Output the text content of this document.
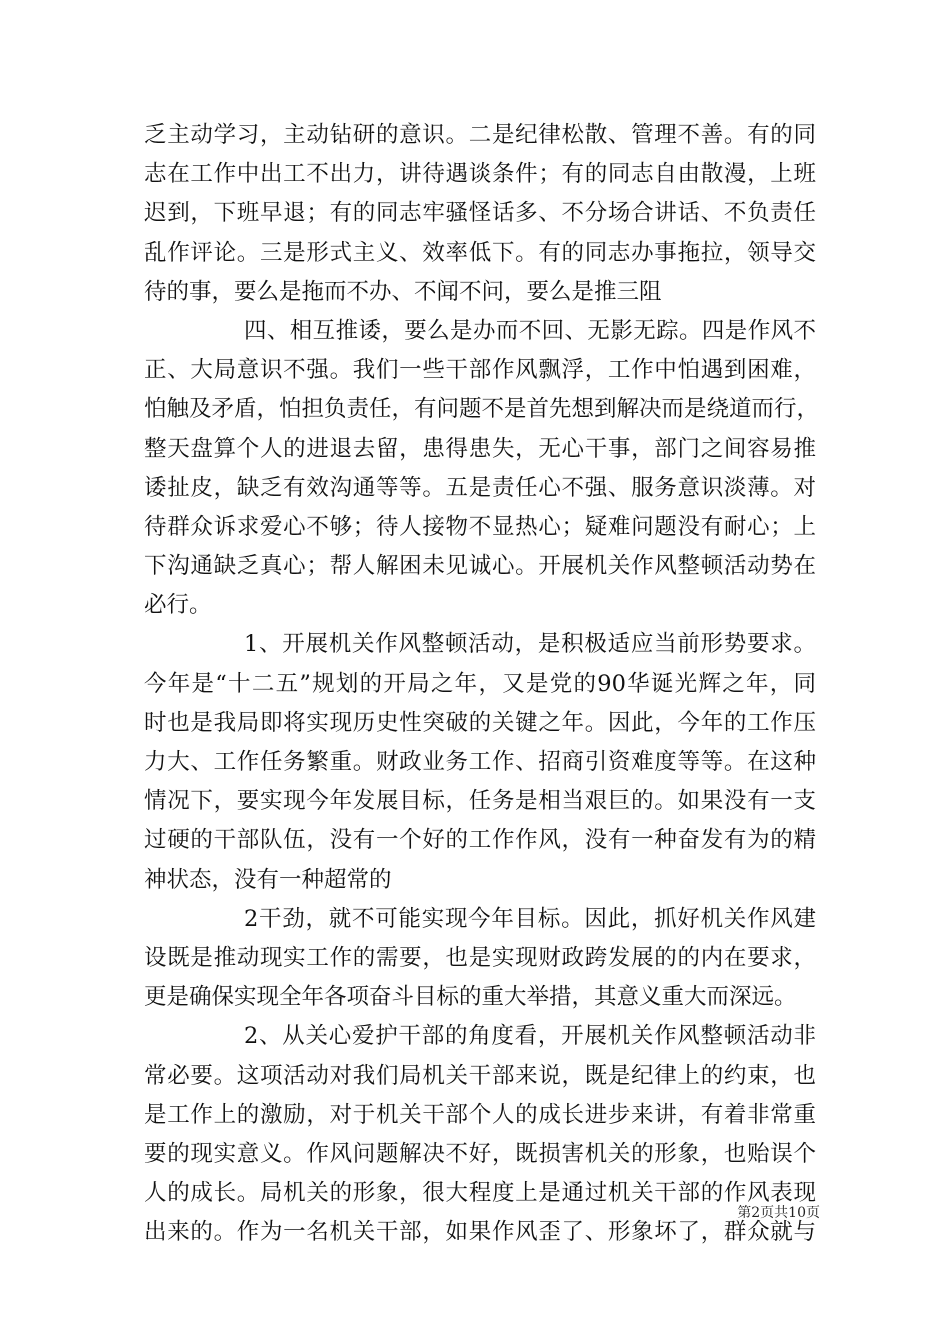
乏主动学习，主动钻研的意识。二是纪律松散、管理不善。有的同
志在工作中出工不出力，讲待遇谈条件；有的同志自由散漫，上班
迟到，下班早退；有的同志牢骚怪话多、不分场合讲话、不负责任
乱作评论。三是形式主义、效率低下。有的同志办事拖拉，领导交
待的事，要么是拖而不办、不闻不问，要么是推三阻
四、相互推诿，要么是办而不回、无影无踪。四是作风不
正、大局意识不强。我们一些干部作风飘浮，工作中怕遇到困难，
怕触及矛盾，怕担负责任，有问题不是首先想到解决而是绕道而行，
整天盘算个人的进退去留，患得患失，无心干事，部门之间容易推
诿扯皮，缺乏有效沟通等等。五是责任心不强、服务意识淡薄。对
待群众诉求爱心不够；待人接物不显热心；疑难问题没有耐心；上
下沟通缺乏真心；帮人解困未见诚心。开展机关作风整顿活动势在
必行。
1、开展机关作风整顿活动，是积极适应当前形势要求。
今年是“十二五”规划的开局之年，又是党的90华诞光辉之年，同
时也是我局即将实现历史性突破的关键之年。因此，今年的工作压
力大、工作任务繁重。财政业务工作、招商引资难度等等。在这种
情况下，要实现今年发展目标，任务是相当艰巨的。如果没有一支
过硬的干部队伍，没有一个好的工作作风，没有一种奋发有为的精
神状态，没有一种超常的
2干劲，就不可能实现今年目标。因此，抓好机关作风建
设既是推动现实工作的需要，也是实现财政跨发展的的内在要求，
更是确保实现全年各项奋斗目标的重大举措，其意义重大而深远。
2、从关心爱护干部的角度看，开展机关作风整顿活动非
常必要。这项活动对我们局机关干部来说，既是纪律上的约束，也
是工作上的激励，对于机关干部个人的成长进步来讲，有着非常重
要的现实意义。作风问题解决不好，既损害机关的形象，也贻误个
人的成长。局机关的形象，很大程度上是通过机关干部的作风表现
出来的。作为一名机关干部，如果作风歪了、形象坏了，群众就与
第2页共10页
